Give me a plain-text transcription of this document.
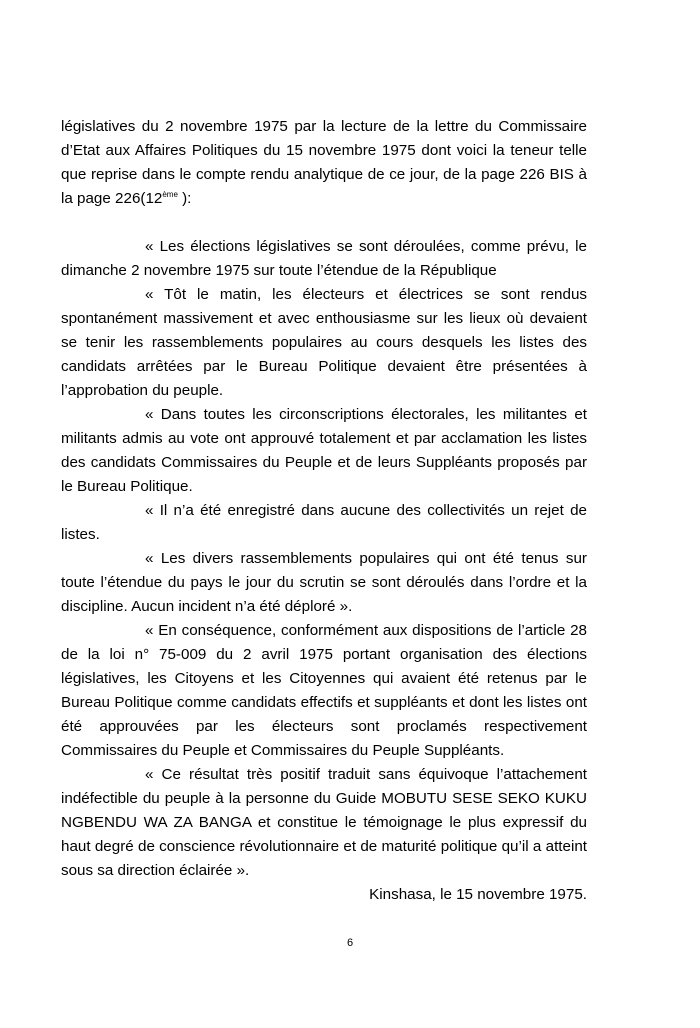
législatives du 2 novembre 1975 par la lecture de la lettre du Commissaire d’Etat aux Affaires Politiques du 15 novembre 1975 dont voici la teneur telle que reprise dans le compte rendu analytique de ce jour, de la page 226 BIS à la page 226(12ème ):

« Les élections législatives se sont déroulées, comme prévu, le dimanche 2 novembre 1975 sur toute l’étendue de la République

« Tôt le matin, les électeurs et électrices se sont rendus spontanément massivement et avec enthousiasme sur les lieux où devaient se tenir les rassemblements populaires au cours desquels les listes des candidats arrêtées par le Bureau Politique devaient être présentées à l’approbation du peuple.

« Dans toutes les circonscriptions électorales, les militantes et militants admis au vote ont approuvé totalement et par acclamation les listes des candidats Commissaires du Peuple et de leurs Suppléants proposés par le Bureau Politique.

« Il n’a été enregistré dans aucune des collectivités un rejet de listes.

« Les divers rassemblements populaires qui ont été tenus sur toute l’étendue du pays le jour du scrutin se sont déroulés dans l’ordre et la discipline. Aucun incident n’a été déploré ».

« En conséquence, conformément aux dispositions de l’article 28 de la loi n° 75-009 du 2 avril 1975 portant organisation des élections législatives, les Citoyens et les Citoyennes qui avaient été retenus par le Bureau Politique comme candidats effectifs et suppléants et dont les listes ont été approuvées par les électeurs sont proclamés respectivement Commissaires du Peuple et Commissaires du Peuple Suppléants.

« Ce résultat très positif traduit sans équivoque l’attachement indéfectible du peuple à la personne du Guide MOBUTU SESE SEKO KUKU NGBENDU WA ZA BANGA et constitue le témoignage le plus expressif du haut degré de conscience révolutionnaire et de maturité politique qu’il a atteint sous sa direction éclairée ».

Kinshasa, le 15 novembre 1975.

6
